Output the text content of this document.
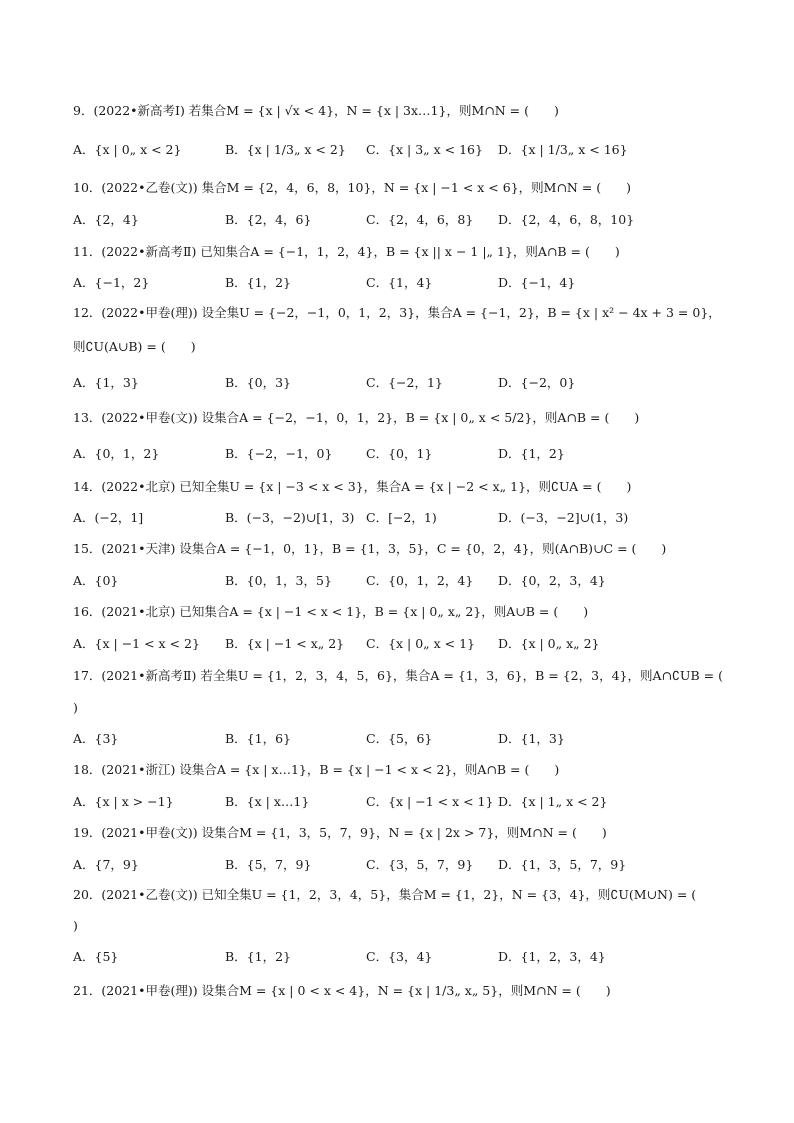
9．(2022•新高考Ⅰ) 若集合M = {x | √x < 4}，N = {x | 3x…1}，则M∩N = (　　)
A．{x | 0„ x < 2}	B．{x | 1/3„ x < 2} C．{x | 3„ x < 16} D．{x | 1/3„ x < 16}
10．(2022•乙卷(文)) 集合M = {2，4，6，8，10}，N = {x | −1 < x < 6}，则M∩N = (　　)
A．{2，4}	B．{2，4，6}	C．{2，4，6，8} D．{2，4，6，8，10}
11．(2022•新高考Ⅱ) 已知集合A = {−1，1，2，4}，B = {x || x − 1 |„ 1}，则A∩B = (　　)
A．{−1，2}	B．{1，2}	C．{1，4}	D．{−1，4}
12．(2022•甲卷(理)) 设全集U = {−2，−1，0，1，2，3}，集合A = {−1，2}，B = {x | x² − 4x + 3 = 0}，
则∁U(A∪B) = (　　)
A．{1，3}	B．{0，3}	C．{−2，1}	D．{−2，0}
13．(2022•甲卷(文)) 设集合A = {−2，−1，0，1，2}，B = {x | 0„ x < 5/2}，则A∩B = (　　)
A．{0，1，2}	B．{−2，−1，0}	C．{0，1}	D．{1，2}
14．(2022•北京) 已知全集U = {x | −3 < x < 3}，集合A = {x | −2 < x„ 1}，则∁UA = (　　)
A．(−2，1]	B．(−3，−2)∪[1，3) C．[−2，1)	D．(−3，−2]∪(1，3)
15．(2021•天津) 设集合A = {−1，0，1}，B = {1，3，5}，C = {0，2，4}，则(A∩B)∪C = (　　)
A．{0}	B．{0，1，3，5}	C．{0，1，2，4} D．{0，2，3，4}
16．(2021•北京) 已知集合A = {x | −1 < x < 1}，B = {x | 0„ x„ 2}，则A∪B = (　　)
A．{x | −1 < x < 2} B．{x | −1 < x„ 2} C．{x | 0„ x < 1} D．{x | 0„ x„ 2}
17．(2021•新高考Ⅱ) 若全集U = {1，2，3，4，5，6}，集合A = {1，3，6}，B = {2，3，4}，则A∩∁UB = (
)
A．{3}	B．{1，6}	C．{5，6}	D．{1，3}
18．(2021•浙江) 设集合A = {x | x…1}，B = {x | −1 < x < 2}，则A∩B = (　　)
A．{x | x > −1}	B．{x | x…1}	C．{x | −1 < x < 1} D．{x | 1„ x < 2}
19．(2021•甲卷(文)) 设集合M = {1，3，5，7，9}，N = {x | 2x > 7}，则M∩N = (　　)
A．{7，9}	B．{5，7，9}	C．{3，5，7，9} D．{1，3，5，7，9}
20．(2021•乙卷(文)) 已知全集U = {1，2，3，4，5}，集合M = {1，2}，N = {3，4}，则∁U(M∪N) = (
)
A．{5}	B．{1，2}	C．{3，4}	D．{1，2，3，4}
21．(2021•甲卷(理)) 设集合M = {x | 0 < x < 4}，N = {x | 1/3„ x„ 5}，则M∩N = (　　)
